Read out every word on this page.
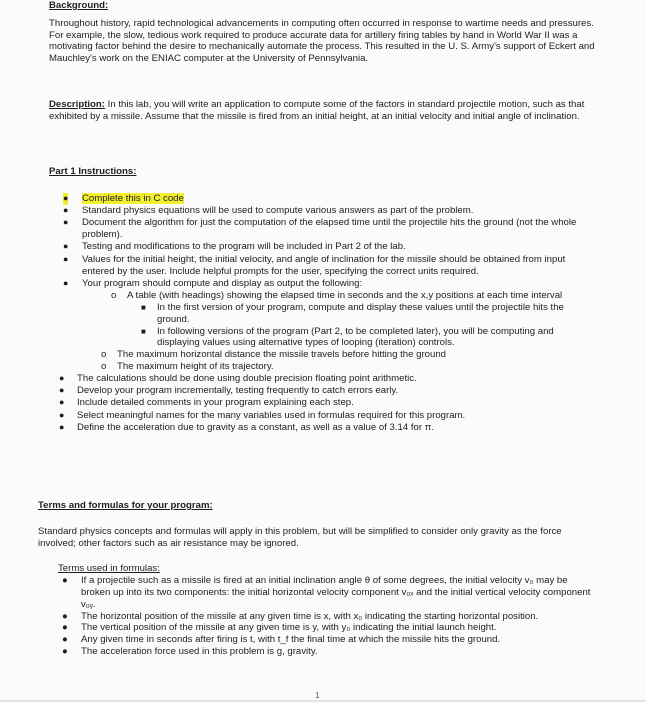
Background:

Throughout history, rapid technological advancements in computing often occurred in response to wartime needs and pressures. For example, the slow, tedious work required to produce accurate data for artillery firing tables by hand in World War II was a motivating factor behind the desire to mechanically automate the process. This resulted in the U. S. Army's support of Eckert and Mauchley's work on the ENIAC computer at the University of Pennsylvania.

Description: In this lab, you will write an application to compute some of the factors in standard projectile motion, such as that exhibited by a missile. Assume that the missile is fired from an initial height, at an initial velocity and initial angle of inclination.

Part 1 Instructions:

● Complete this in C code
● Standard physics equations will be used to compute various answers as part of the problem.
● Document the algorithm for just the computation of the elapsed time until the projectile hits the ground (not the whole problem).
● Testing and modifications to the program will be included in Part 2 of the lab.
● Values for the initial height, the initial velocity, and angle of inclination for the missile should be obtained from input entered by the user. Include helpful prompts for the user, specifying the correct units required.
● Your program should compute and display as output the following:
o A table (with headings) showing the elapsed time in seconds and the x,y positions at each time interval
■ In the first version of your program, compute and display these values until the projectile hits the ground.
■ In following versions of the program (Part 2, to be completed later), you will be computing and displaying values using alternative types of looping (iteration) controls.
o The maximum horizontal distance the missile travels before hitting the ground
o The maximum height of its trajectory.
● The calculations should be done using double precision floating point arithmetic.
● Develop your program incrementally, testing frequently to catch errors early.
● Include detailed comments in your program explaining each step.
● Select meaningful names for the many variables used in formulas required for this program.
● Define the acceleration due to gravity as a constant, as well as a value of 3.14 for π.

Terms and formulas for your program:

Standard physics concepts and formulas will apply in this problem, but will be simplified to consider only gravity as the force involved; other factors such as air resistance may be ignored.

Terms used in formulas:

● If a projectile such as a missile is fired at an initial inclination angle θ of some degrees, the initial velocity v₀ may be broken up into its two components: the initial horizontal velocity component v₀ₓ and the initial vertical velocity component v₀ᵧ.
● The horizontal position of the missile at any given time is x, with x₀ indicating the starting horizontal position.
● The vertical position of the missile at any given time is y, with y₀ indicating the initial launch height.
● Any given time in seconds after firing is t, with t_f the final time at which the missile hits the ground.
● The acceleration force used in this problem is g, gravity.
1
